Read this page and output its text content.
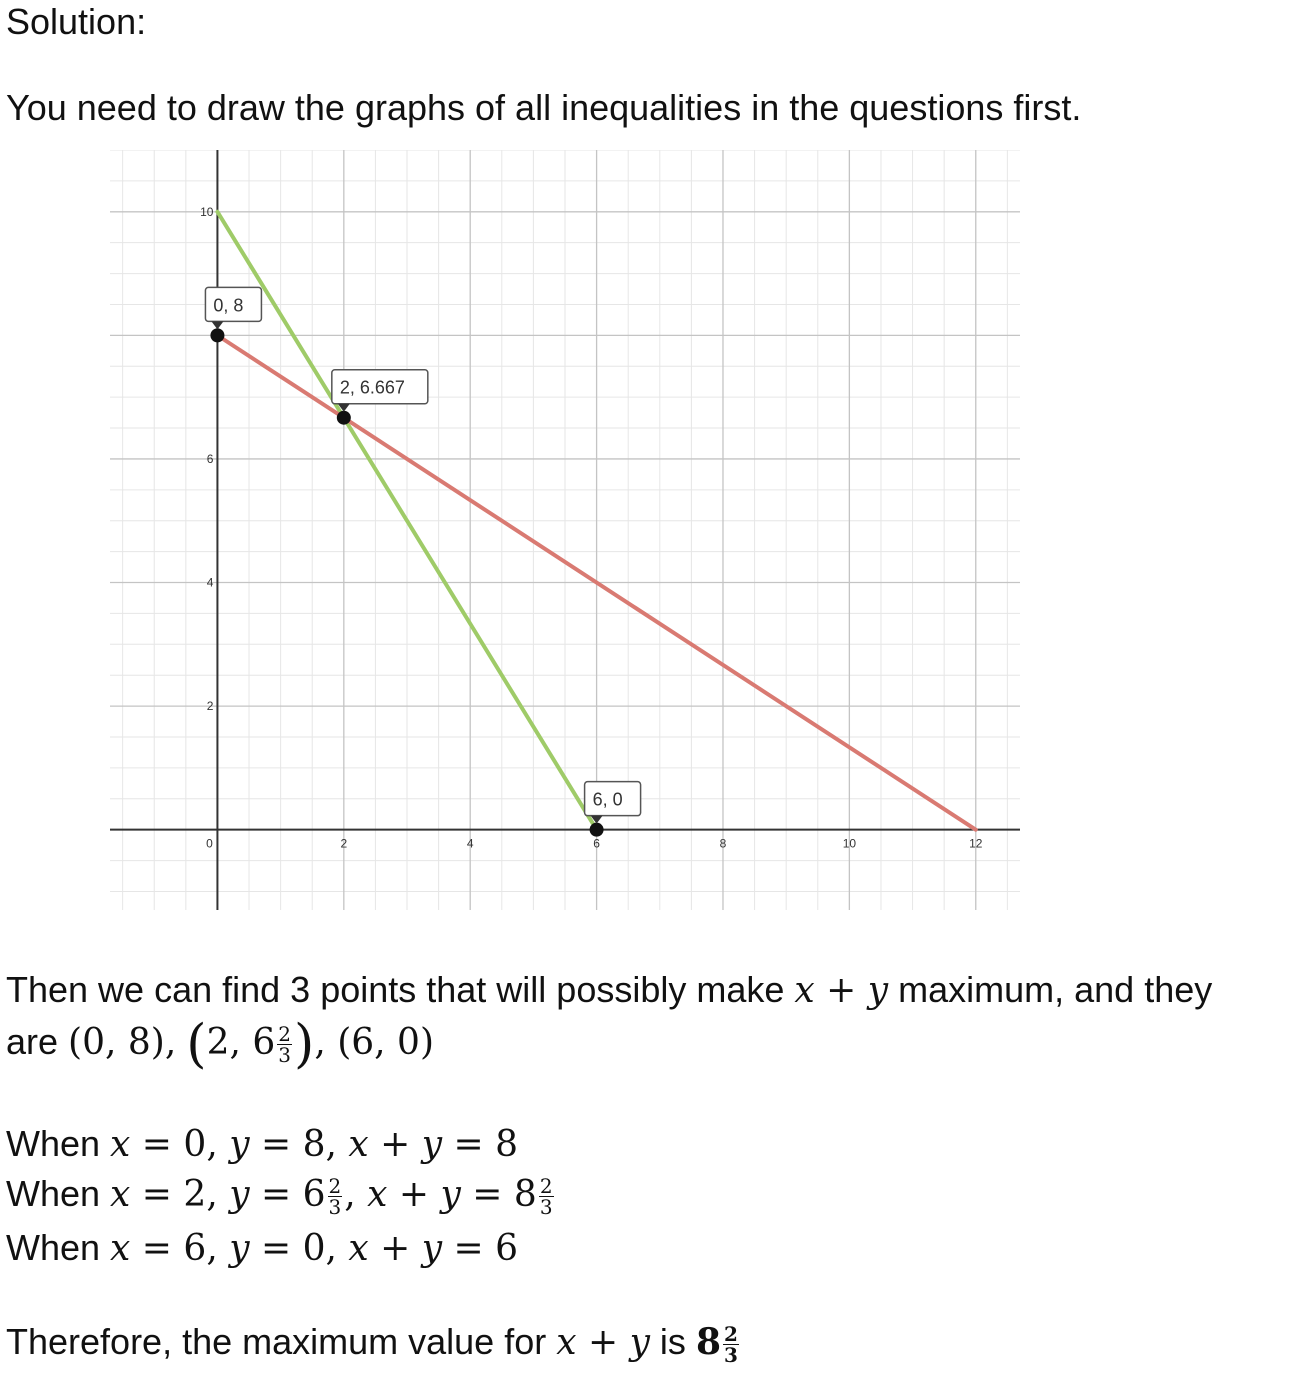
Solution:
You need to draw the graphs of all inequalities in the questions first.
0	2	4	6	8	10	12
2
4
6
10
0, 8
2, 6.667
6, 0
Then we can find 3 points that will possibly make x + y maximum, and they
are (0, 8), (2, $6 \frac{2}{3}$ ), (6, 0)
When x = 0, y = 8, x + y = 8
When x = 2, $y = 6 \frac{2}{3}$ , $x + y = 8 \frac{2}{3}$
When x = 6, y = 0, x + y = 6
Therefore, the maximum value for x + y is $8 \frac{2}{3}$
